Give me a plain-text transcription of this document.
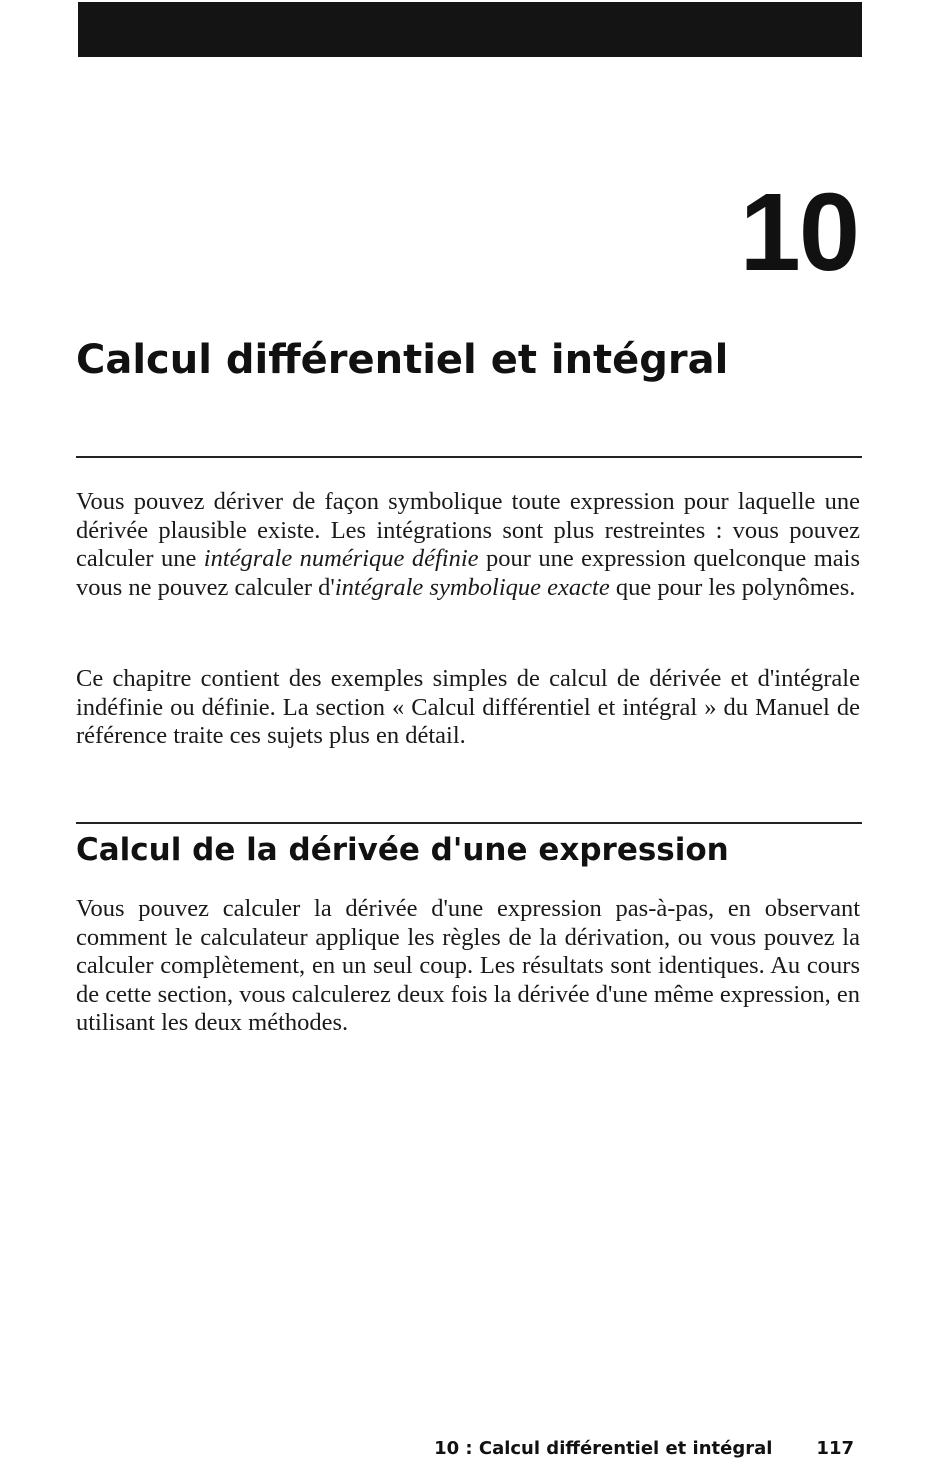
10
Calcul différentiel et intégral

Vous pouvez dériver de façon symbolique toute expression pour laquelle une dérivée plausible existe. Les intégrations sont plus restreintes : vous pouvez calculer une intégrale numérique définie pour une expression quelconque mais vous ne pouvez calculer d'intégrale symbolique exacte que pour les polynômes.

Ce chapitre contient des exemples simples de calcul de dérivée et d'intégrale indéfinie ou définie. La section « Calcul différentiel et intégral » du Manuel de référence traite ces sujets plus en détail.

Calcul de la dérivée d'une expression

Vous pouvez calculer la dérivée d'une expression pas-à-pas, en observant comment le calculateur applique les règles de la dérivation, ou vous pouvez la calculer complètement, en un seul coup. Les résultats sont identiques. Au cours de cette section, vous calculerez deux fois la dérivée d'une même expression, en utilisant les deux méthodes.

10 : Calcul différentiel et intégral 117
